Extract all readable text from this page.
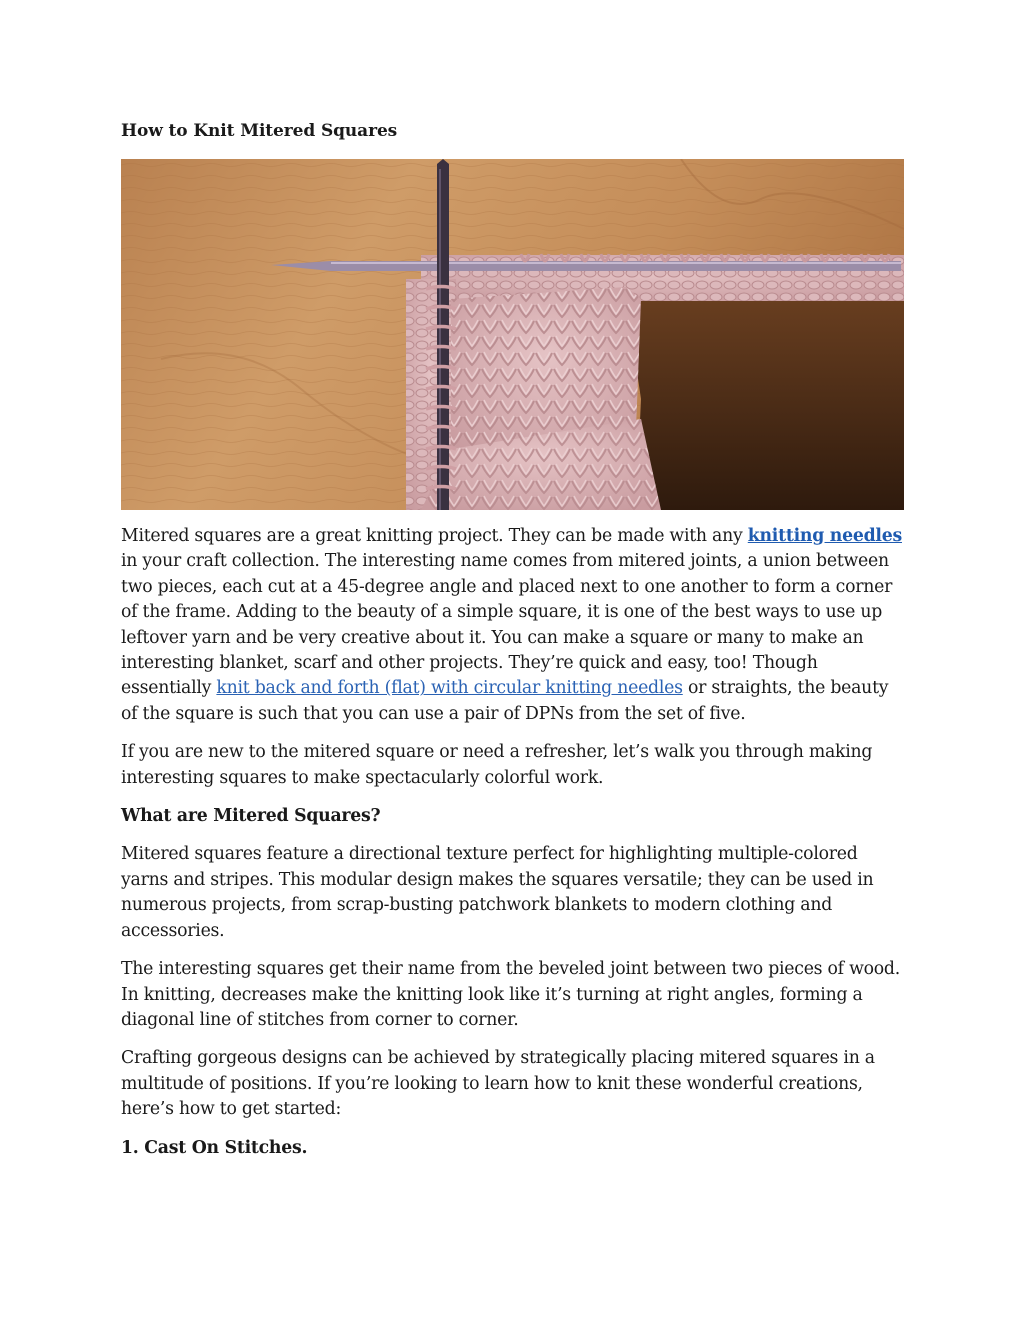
How to Knit Mitered Squares

Mitered squares are a great knitting project. They can be made with any knitting needles in your craft collection. The interesting name comes from mitered joints, a union between two pieces, each cut at a 45-degree angle and placed next to one another to form a corner of the frame. Adding to the beauty of a simple square, it is one of the best ways to use up leftover yarn and be very creative about it. You can make a square or many to make an interesting blanket, scarf and other projects. They’re quick and easy, too! Though essentially knit back and forth (flat) with circular knitting needles or straights, the beauty of the square is such that you can use a pair of DPNs from the set of five.

If you are new to the mitered square or need a refresher, let’s walk you through making interesting squares to make spectacularly colorful work.

What are Mitered Squares?

Mitered squares feature a directional texture perfect for highlighting multiple-colored yarns and stripes. This modular design makes the squares versatile; they can be used in numerous projects, from scrap-busting patchwork blankets to modern clothing and accessories.

The interesting squares get their name from the beveled joint between two pieces of wood. In knitting, decreases make the knitting look like it’s turning at right angles, forming a diagonal line of stitches from corner to corner.

Crafting gorgeous designs can be achieved by strategically placing mitered squares in a multitude of positions. If you’re looking to learn how to knit these wonderful creations, here’s how to get started:

1. Cast On Stitches.
